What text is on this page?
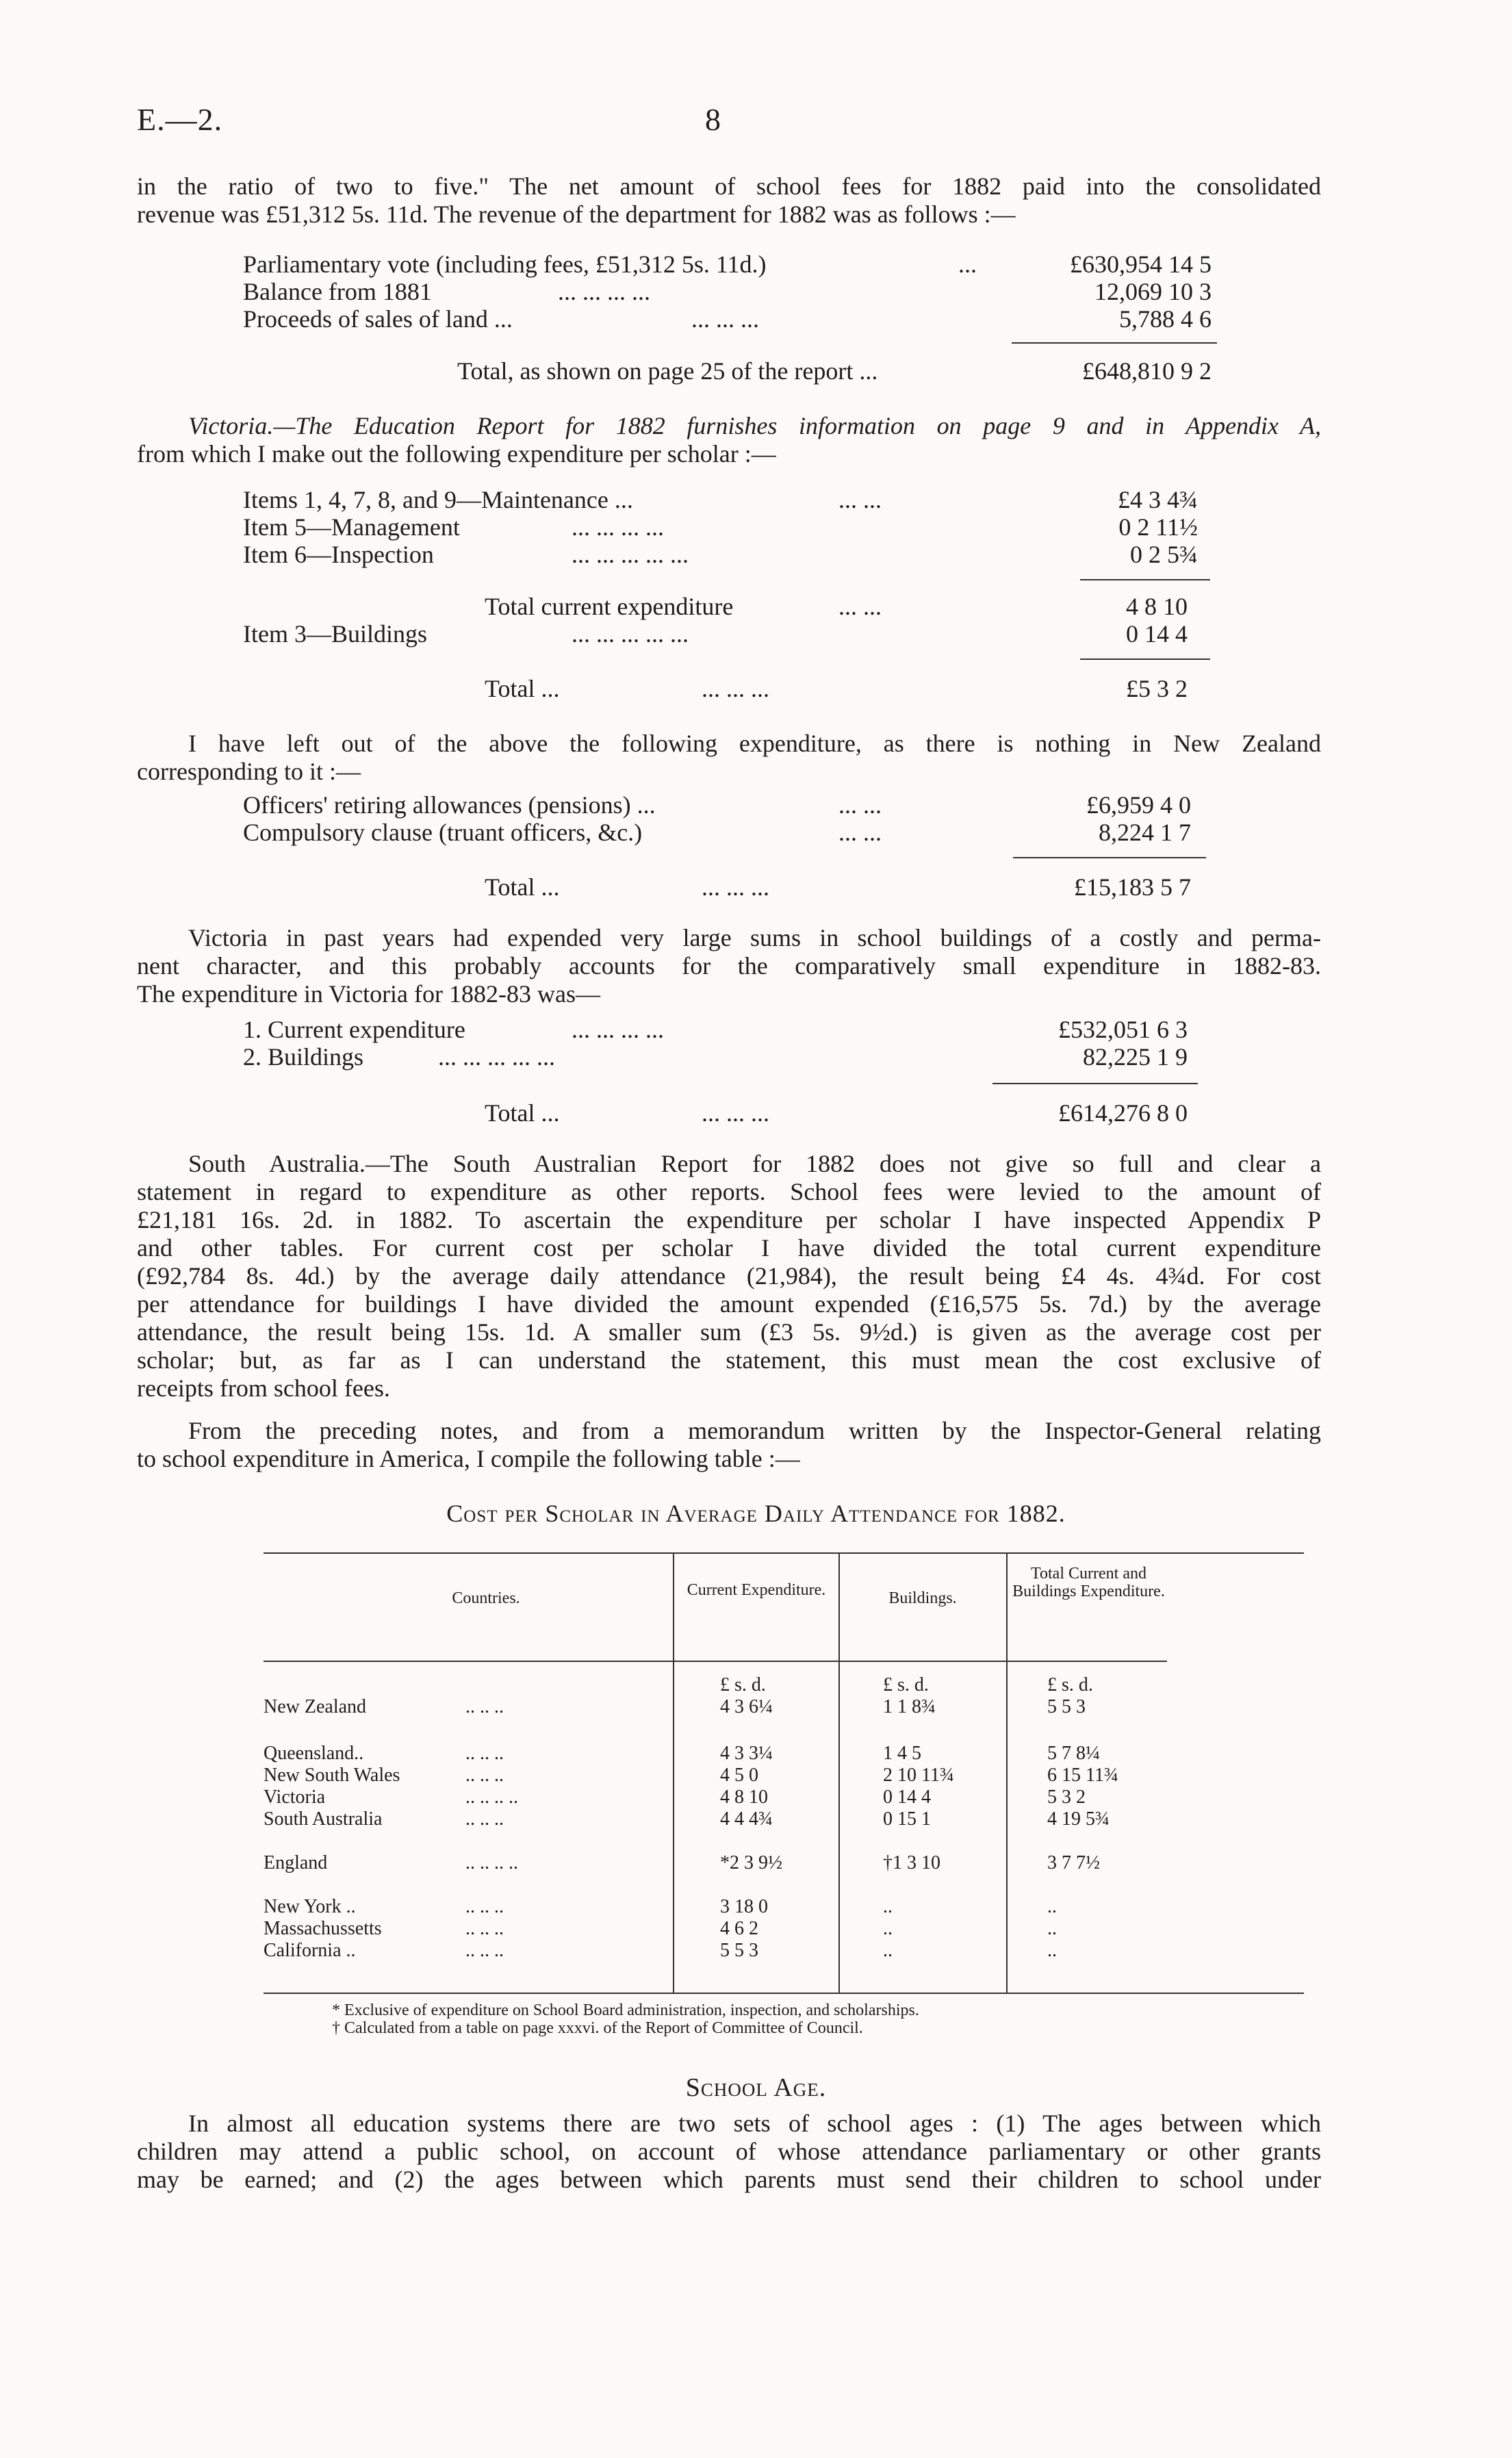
E.—2.	8
in the ratio of two to five." The net amount of school fees for 1882 paid into the consolidated
revenue was £51,312 5s. 11d. The revenue of the department for 1882 was as follows :—
Parliamentary vote (including fees, £51,312 5s. 11d.)	...	£630,954 14 5
Balance from 1881	... ... ... ...	12,069 10 3
Proceeds of sales of land ...	... ... ...	5,788 4 6
Total, as shown on page 25 of the report ...	£648,810 9 2
Victoria.—The Education Report for 1882 furnishes information on page 9 and in Appendix A,
from which I make out the following expenditure per scholar :—
Items 1, 4, 7, 8, and 9—Maintenance ...	... ...	£4 3 4¾
Item 5—Management	... ... ... ...	0 2 11½
Item 6—Inspection	... ... ... ... ...	0 2 5¾
Total current expenditure	... ...	4 8 10
Item 3—Buildings	... ... ... ... ...	0 14 4
Total ...	... ... ...	£5 3 2
I have left out of the above the following expenditure, as there is nothing in New Zealand
corresponding to it :—
Officers' retiring allowances (pensions) ...	... ...	£6,959 4 0
Compulsory clause (truant officers, &c.)	... ...	8,224 1 7
Total ...	... ... ...	£15,183 5 7
Victoria in past years had expended very large sums in school buildings of a costly and perma-
nent character, and this probably accounts for the comparatively small expenditure in 1882-83.
The expenditure in Victoria for 1882-83 was—
1. Current expenditure	... ... ... ...	£532,051 6 3
2. Buildings	... ... ... ... ...	82,225 1 9
Total ...	... ... ...	£614,276 8 0
South Australia.—The South Australian Report for 1882 does not give so full and clear a
statement in regard to expenditure as other reports. School fees were levied to the amount of
£21,181 16s. 2d. in 1882. To ascertain the expenditure per scholar I have inspected Appendix P
and other tables. For current cost per scholar I have divided the total current expenditure
(£92,784 8s. 4d.) by the average daily attendance (21,984), the result being £4 4s. 4¾d. For cost
per attendance for buildings I have divided the amount expended (£16,575 5s. 7d.) by the average
attendance, the result being 15s. 1d. A smaller sum (£3 5s. 9½d.) is given as the average cost per
scholar; but, as far as I can understand the statement, this must mean the cost exclusive of
receipts from school fees.
From the preceding notes, and from a memorandum written by the Inspector-General relating
to school expenditure in America, I compile the following table :—
Cost per Scholar in Average Daily Attendance for 1882.
Countries.	Current Expenditure.	Buildings.
Total Current and Buildings Expenditure.
£ s. d.	£ s. d.	£ s. d.
New Zealand	.. .. ..	4 3 6¼	1 1 8¾	5 5 3
Queensland..	.. .. ..	4 3 3¼	1 4 5	5 7 8¼
New South Wales	.. .. ..	4 5 0	2 10 11¾	6 15 11¾
Victoria	.. .. .. ..	4 8 10	0 14 4	5 3 2
South Australia	.. .. ..	4 4 4¾	0 15 1	4 19 5¾
England	.. .. .. ..	*2 3 9½	†1 3 10	3 7 7½
New York ..	.. .. ..	3 18 0	..	..
Massachussetts	.. .. ..	4 6 2	..	..
California ..	.. .. ..	5 5 3	..	..
* Exclusive of expenditure on School Board administration, inspection, and scholarships.
† Calculated from a table on page xxxvi. of the Report of Committee of Council.
School Age.
In almost all education systems there are two sets of school ages : (1) The ages between which
children may attend a public school, on account of whose attendance parliamentary or other grants
may be earned; and (2) the ages between which parents must send their children to school under
